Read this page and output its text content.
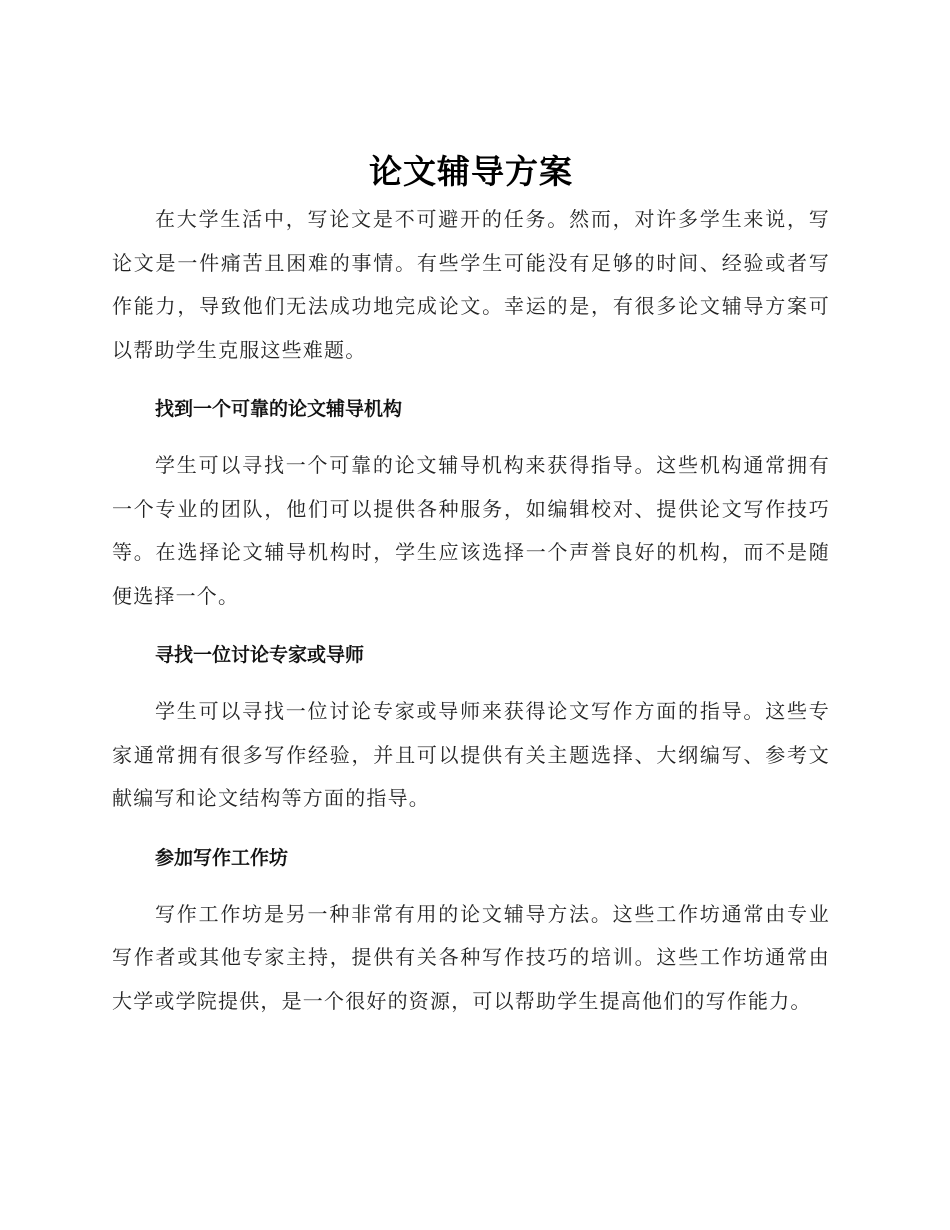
论文辅导方案

在大学生活中，写论文是不可避开的任务。然而，对许多学生来说，写论文是一件痛苦且困难的事情。有些学生可能没有足够的时间、经验或者写作能力，导致他们无法成功地完成论文。幸运的是，有很多论文辅导方案可以帮助学生克服这些难题。

找到一个可靠的论文辅导机构

学生可以寻找一个可靠的论文辅导机构来获得指导。这些机构通常拥有一个专业的团队，他们可以提供各种服务，如编辑校对、提供论文写作技巧等。在选择论文辅导机构时，学生应该选择一个声誉良好的机构，而不是随便选择一个。

寻找一位讨论专家或导师

学生可以寻找一位讨论专家或导师来获得论文写作方面的指导。这些专家通常拥有很多写作经验，并且可以提供有关主题选择、大纲编写、参考文献编写和论文结构等方面的指导。

参加写作工作坊

写作工作坊是另一种非常有用的论文辅导方法。这些工作坊通常由专业写作者或其他专家主持，提供有关各种写作技巧的培训。这些工作坊通常由大学或学院提供，是一个很好的资源，可以帮助学生提高他们的写作能力。
